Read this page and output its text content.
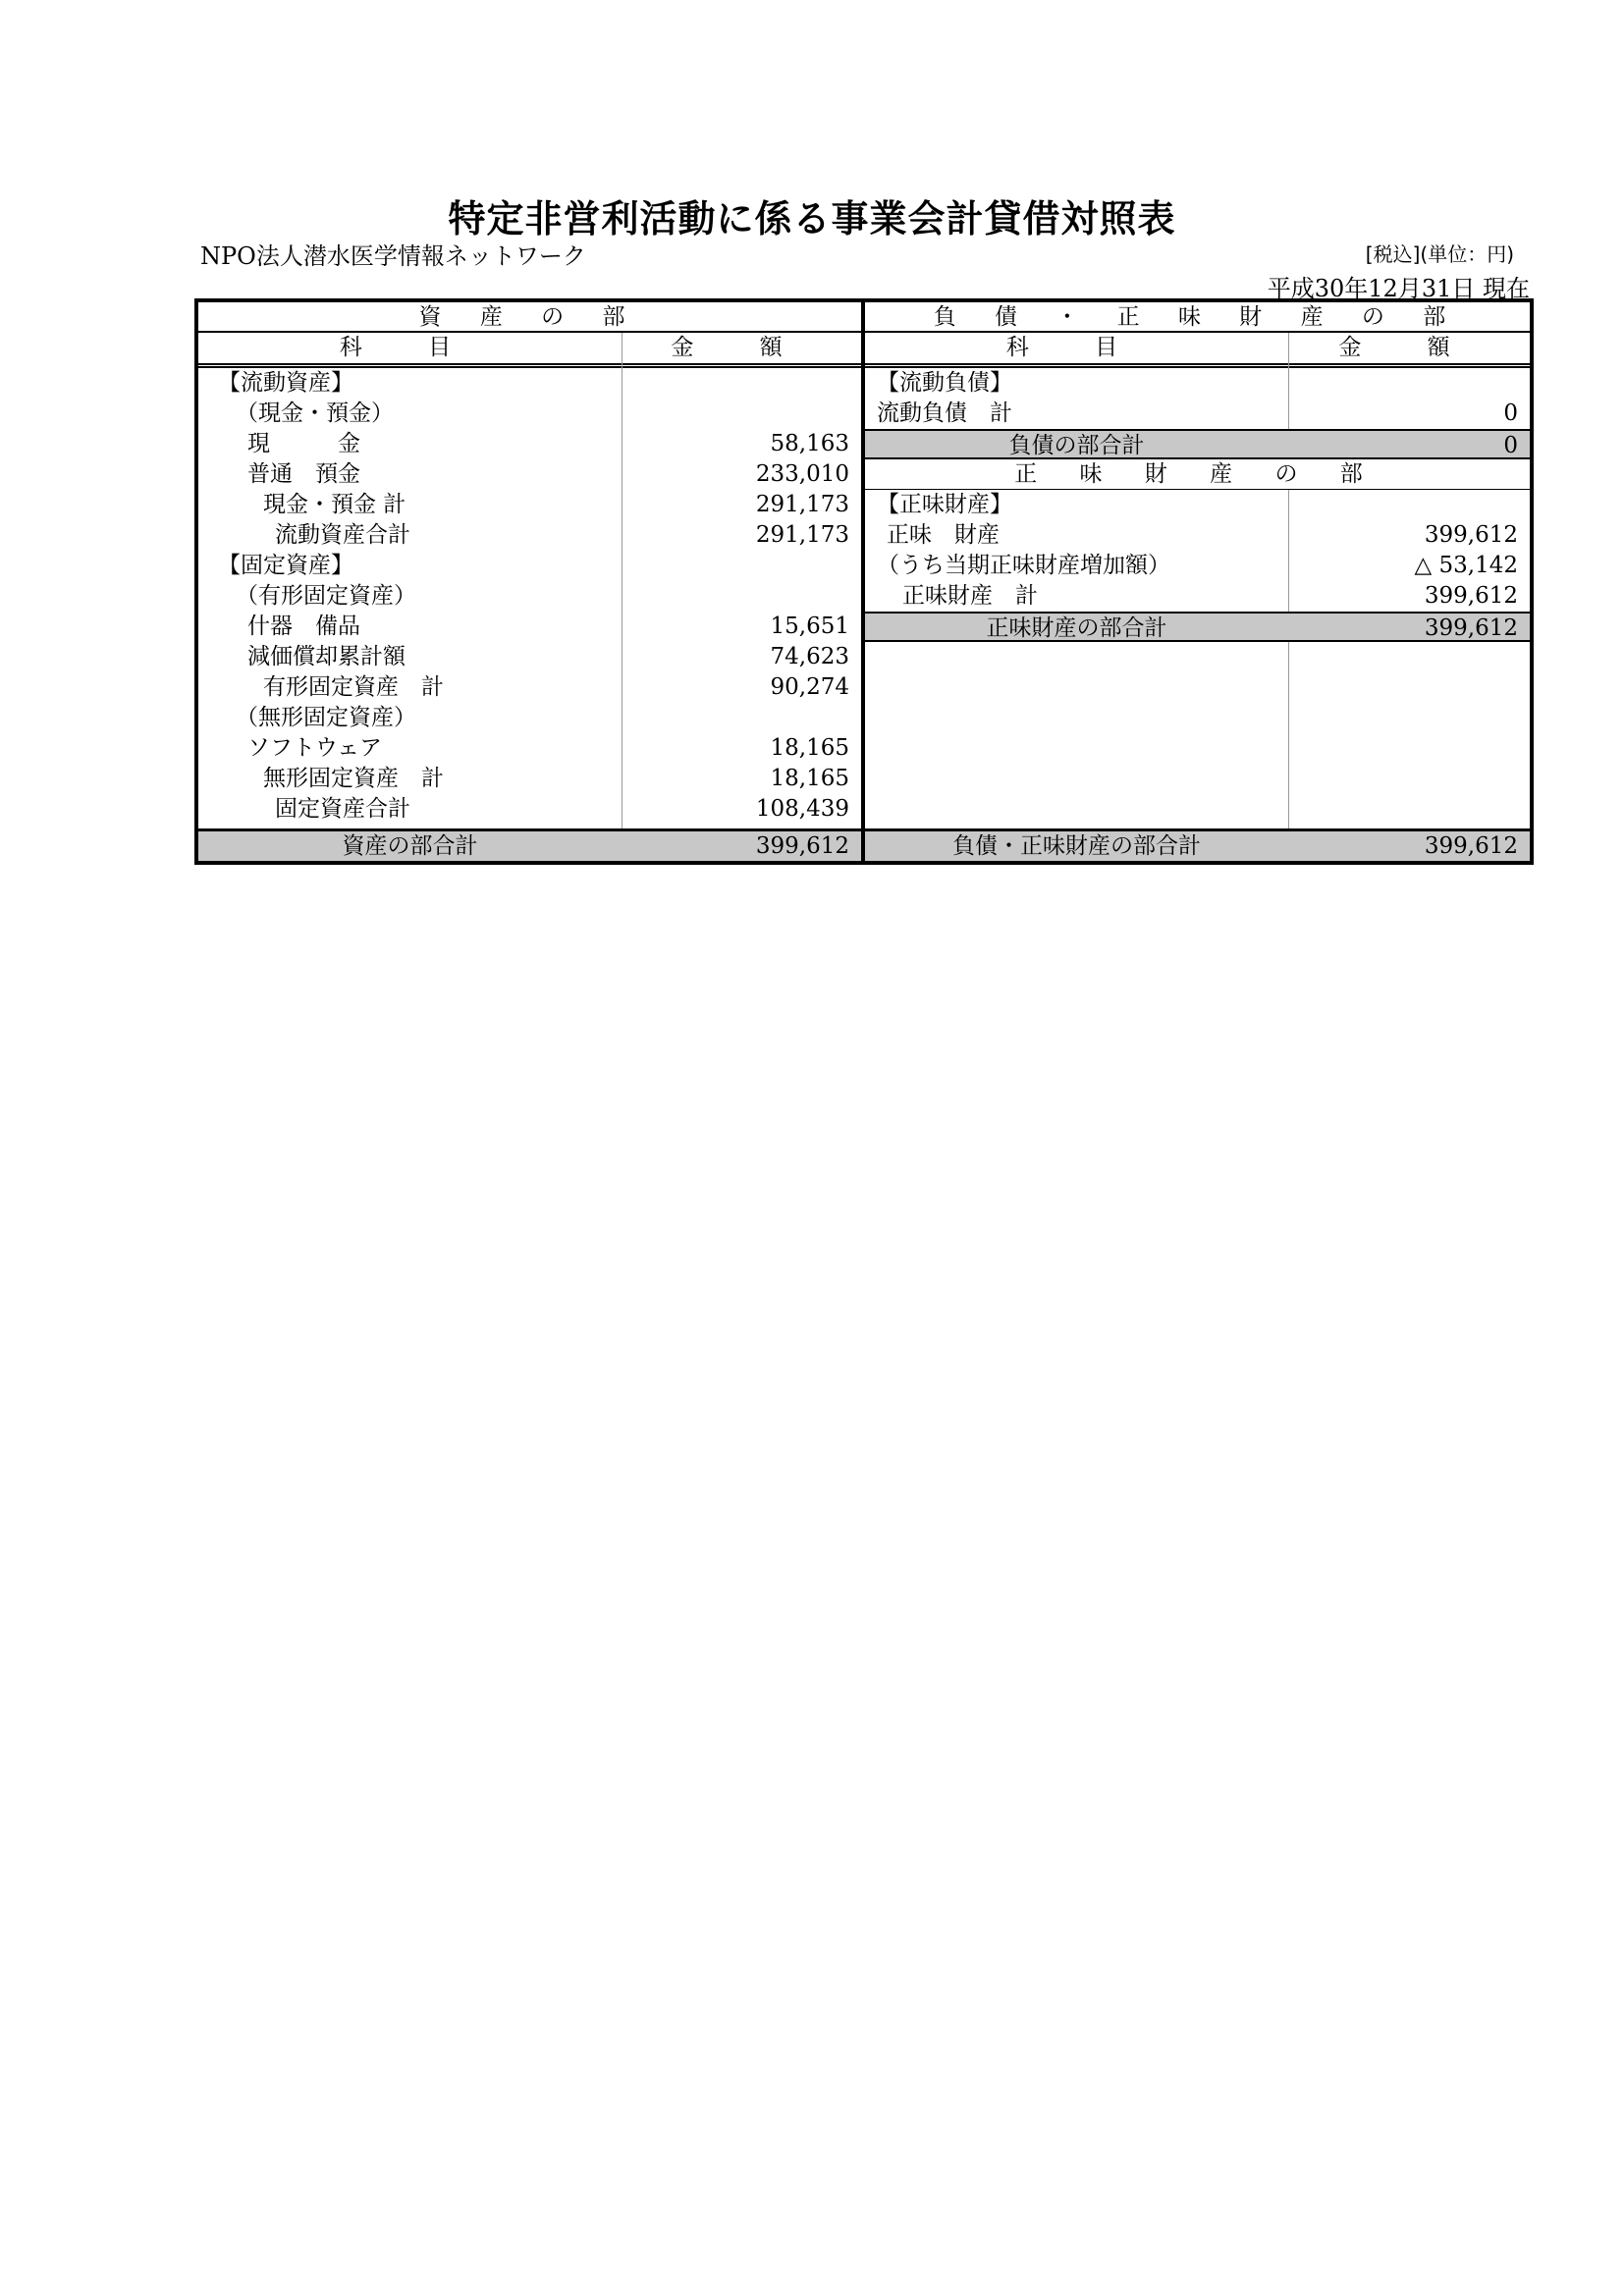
特定非営利活動に係る事業会計貸借対照表
NPO法人潜水医学情報ネットワーク	[税込](単位：円)
平成30年12月31日 現在
資 産 の 部
科 目	金 額
【流動資産】
（現金・預金）
現　　　金	58,163
普通　預金	233,010
現金・預金 計	291,173
流動資産合計	291,173
【固定資産】
（有形固定資産）
什器　備品	15,651
減価償却累計額	74,623
有形固定資産　計	90,274
（無形固定資産）
ソフトウェア	18,165
無形固定資産　計	18,165
固定資産合計	108,439
資産の部合計	399,612
負 債 ・ 正 味 財 産 の 部
科 目	金 額
【流動負債】
流動負債　計	0
負債の部合計	0
正 味 財 産 の 部
【正味財産】
正味　財産	399,612
（うち当期正味財産増加額）	△ 53,142
正味財産　計	399,612
正味財産の部合計	399,612
負債・正味財産の部合計	399,612
